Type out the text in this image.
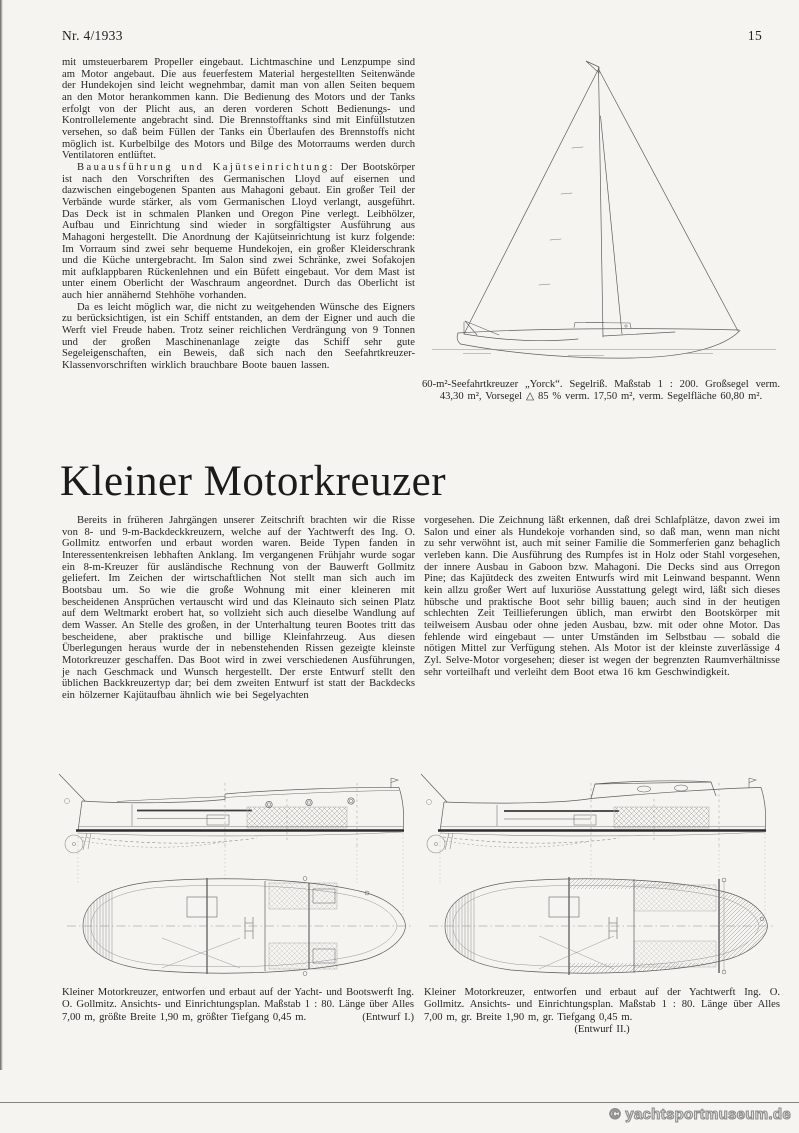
Nr. 4/1933	15

mit umsteuerbarem Propeller eingebaut. Lichtmaschine und Lenzpumpe sind am Motor angebaut. Die aus feuerfestem Material hergestellten Seitenwände der Hundekojen sind leicht wegnehmbar, damit man von allen Seiten bequem an den Motor herankommen kann. Die Bedienung des Motors und der Tanks erfolgt von der Plicht aus, an deren vorderen Schott Bedienungs- und Kontrollelemente angebracht sind. Die Brennstofftanks sind mit Einfüllstutzen versehen, so daß beim Füllen der Tanks ein Überlaufen des Brennstoffs nicht möglich ist. Kurbelbilge des Motors und Bilge des Motorraums werden durch Ventilatoren entlüftet.

Bauausführung und Kajütseinrichtung: Der Bootskörper ist nach den Vorschriften des Germanischen Lloyd auf eisernen und dazwischen eingebogenen Spanten aus Mahagoni gebaut. Ein großer Teil der Verbände wurde stärker, als vom Germanischen Lloyd verlangt, ausgeführt. Das Deck ist in schmalen Planken und Oregon Pine verlegt. Leibhölzer, Aufbau und Einrichtung sind wieder in sorgfältigster Ausführung aus Mahagoni hergestellt. Die Anordnung der Kajütseinrichtung ist kurz folgende: Im Vorraum sind zwei sehr bequeme Hundekojen, ein großer Kleiderschrank und die Küche untergebracht. Im Salon sind zwei Schränke, zwei Sofakojen mit aufklappbaren Rückenlehnen und ein Büfett eingebaut. Vor dem Mast ist unter einem Oberlicht der Waschraum angeordnet. Durch das Oberlicht ist auch hier annähernd Stehhöhe vorhanden.

Da es leicht möglich war, die nicht zu weitgehenden Wünsche des Eigners zu berücksichtigen, ist ein Schiff entstanden, an dem der Eigner und auch die Werft viel Freude haben. Trotz seiner reichlichen Verdrängung von 9 Tonnen und der großen Maschinenanlage zeigte das Schiff sehr gute Segeleigenschaften, ein Beweis, daß sich nach den Seefahrtkreuzer-Klassenvorschriften wirklich brauchbare Boote bauen lassen.

60-m²-Seefahrtkreuzer „Yorck“. Segelriß. Maßstab 1 : 200. Großsegel verm. 43,30 m², Vorsegel △ 85 % verm. 17,50 m², verm. Segelfläche 60,80 m².

Kleiner Motorkreuzer

Bereits in früheren Jahrgängen unserer Zeitschrift brachten wir die Risse von 8- und 9-m-Backdeckkreuzern, welche auf der Yachtwerft des Ing. O. Gollmitz entworfen und erbaut worden waren. Beide Typen fanden in Interessentenkreisen lebhaften Anklang. Im vergangenen Frühjahr wurde sogar ein 8-m-Kreuzer für ausländische Rechnung von der Bauwerft Gollmitz geliefert. Im Zeichen der wirtschaftlichen Not stellt man sich auch im Bootsbau um. So wie die große Wohnung mit einer kleineren mit bescheidenen Ansprüchen vertauscht wird und das Kleinauto sich seinen Platz auf dem Weltmarkt erobert hat, so vollzieht sich auch dieselbe Wandlung auf dem Wasser. An Stelle des großen, in der Unterhaltung teuren Bootes tritt das bescheidene, aber praktische und billige Kleinfahrzeug. Aus diesen Überlegungen heraus wurde der in nebenstehenden Rissen gezeigte kleinste Motorkreuzer geschaffen. Das Boot wird in zwei verschiedenen Ausführungen, je nach Geschmack und Wunsch hergestellt. Der erste Entwurf stellt den üblichen Backkreuzertyp dar; bei dem zweiten Entwurf ist statt der Backdecks ein hölzerner Kajütaufbau ähnlich wie bei Segelyachten

vorgesehen. Die Zeichnung läßt erkennen, daß drei Schlafplätze, davon zwei im Salon und einer als Hundekoje vorhanden sind, so daß man, wenn man nicht zu sehr verwöhnt ist, auch mit seiner Familie die Sommerferien ganz behaglich verleben kann. Die Ausführung des Rumpfes ist in Holz oder Stahl vorgesehen, der innere Ausbau in Gaboon bzw. Mahagoni. Die Decks sind aus Orregon Pine; das Kajütdeck des zweiten Entwurfs wird mit Leinwand bespannt. Wenn kein allzu großer Wert auf luxuriöse Ausstattung gelegt wird, läßt sich dieses hübsche und praktische Boot sehr billig bauen; auch sind in der heutigen schlechten Zeit Teillieferungen üblich, man erwirbt den Bootskörper mit teilweisem Ausbau oder ohne jeden Ausbau, bzw. mit oder ohne Motor. Das fehlende wird eingebaut — unter Umständen im Selbstbau — sobald die nötigen Mittel zur Verfügung stehen. Als Motor ist der kleinste zuverlässige 4 Zyl. Selve-Motor vorgesehen; dieser ist wegen der begrenzten Raumverhältnisse sehr vorteilhaft und verleiht dem Boot etwa 16 km Geschwindigkeit.

Kleiner Motorkreuzer, entworfen und erbaut auf der Yacht- und Bootswerft Ing. O. Gollmitz. Ansichts- und Einrichtungsplan. Maßstab 1 : 80. Länge über Alles 7,00 m, größte Breite 1,90 m, größter Tiefgang 0,45 m.	(Entwurf I.)

Kleiner Motorkreuzer, entworfen und erbaut auf der Yachtwerft Ing. O. Gollmitz. Ansichts- und Einrichtungsplan. Maßstab 1 : 80. Länge über Alles 7,00 m, gr. Breite 1,90 m, gr. Tiefgang 0,45 m.

(Entwurf II.)
© yachtsportmuseum.de
